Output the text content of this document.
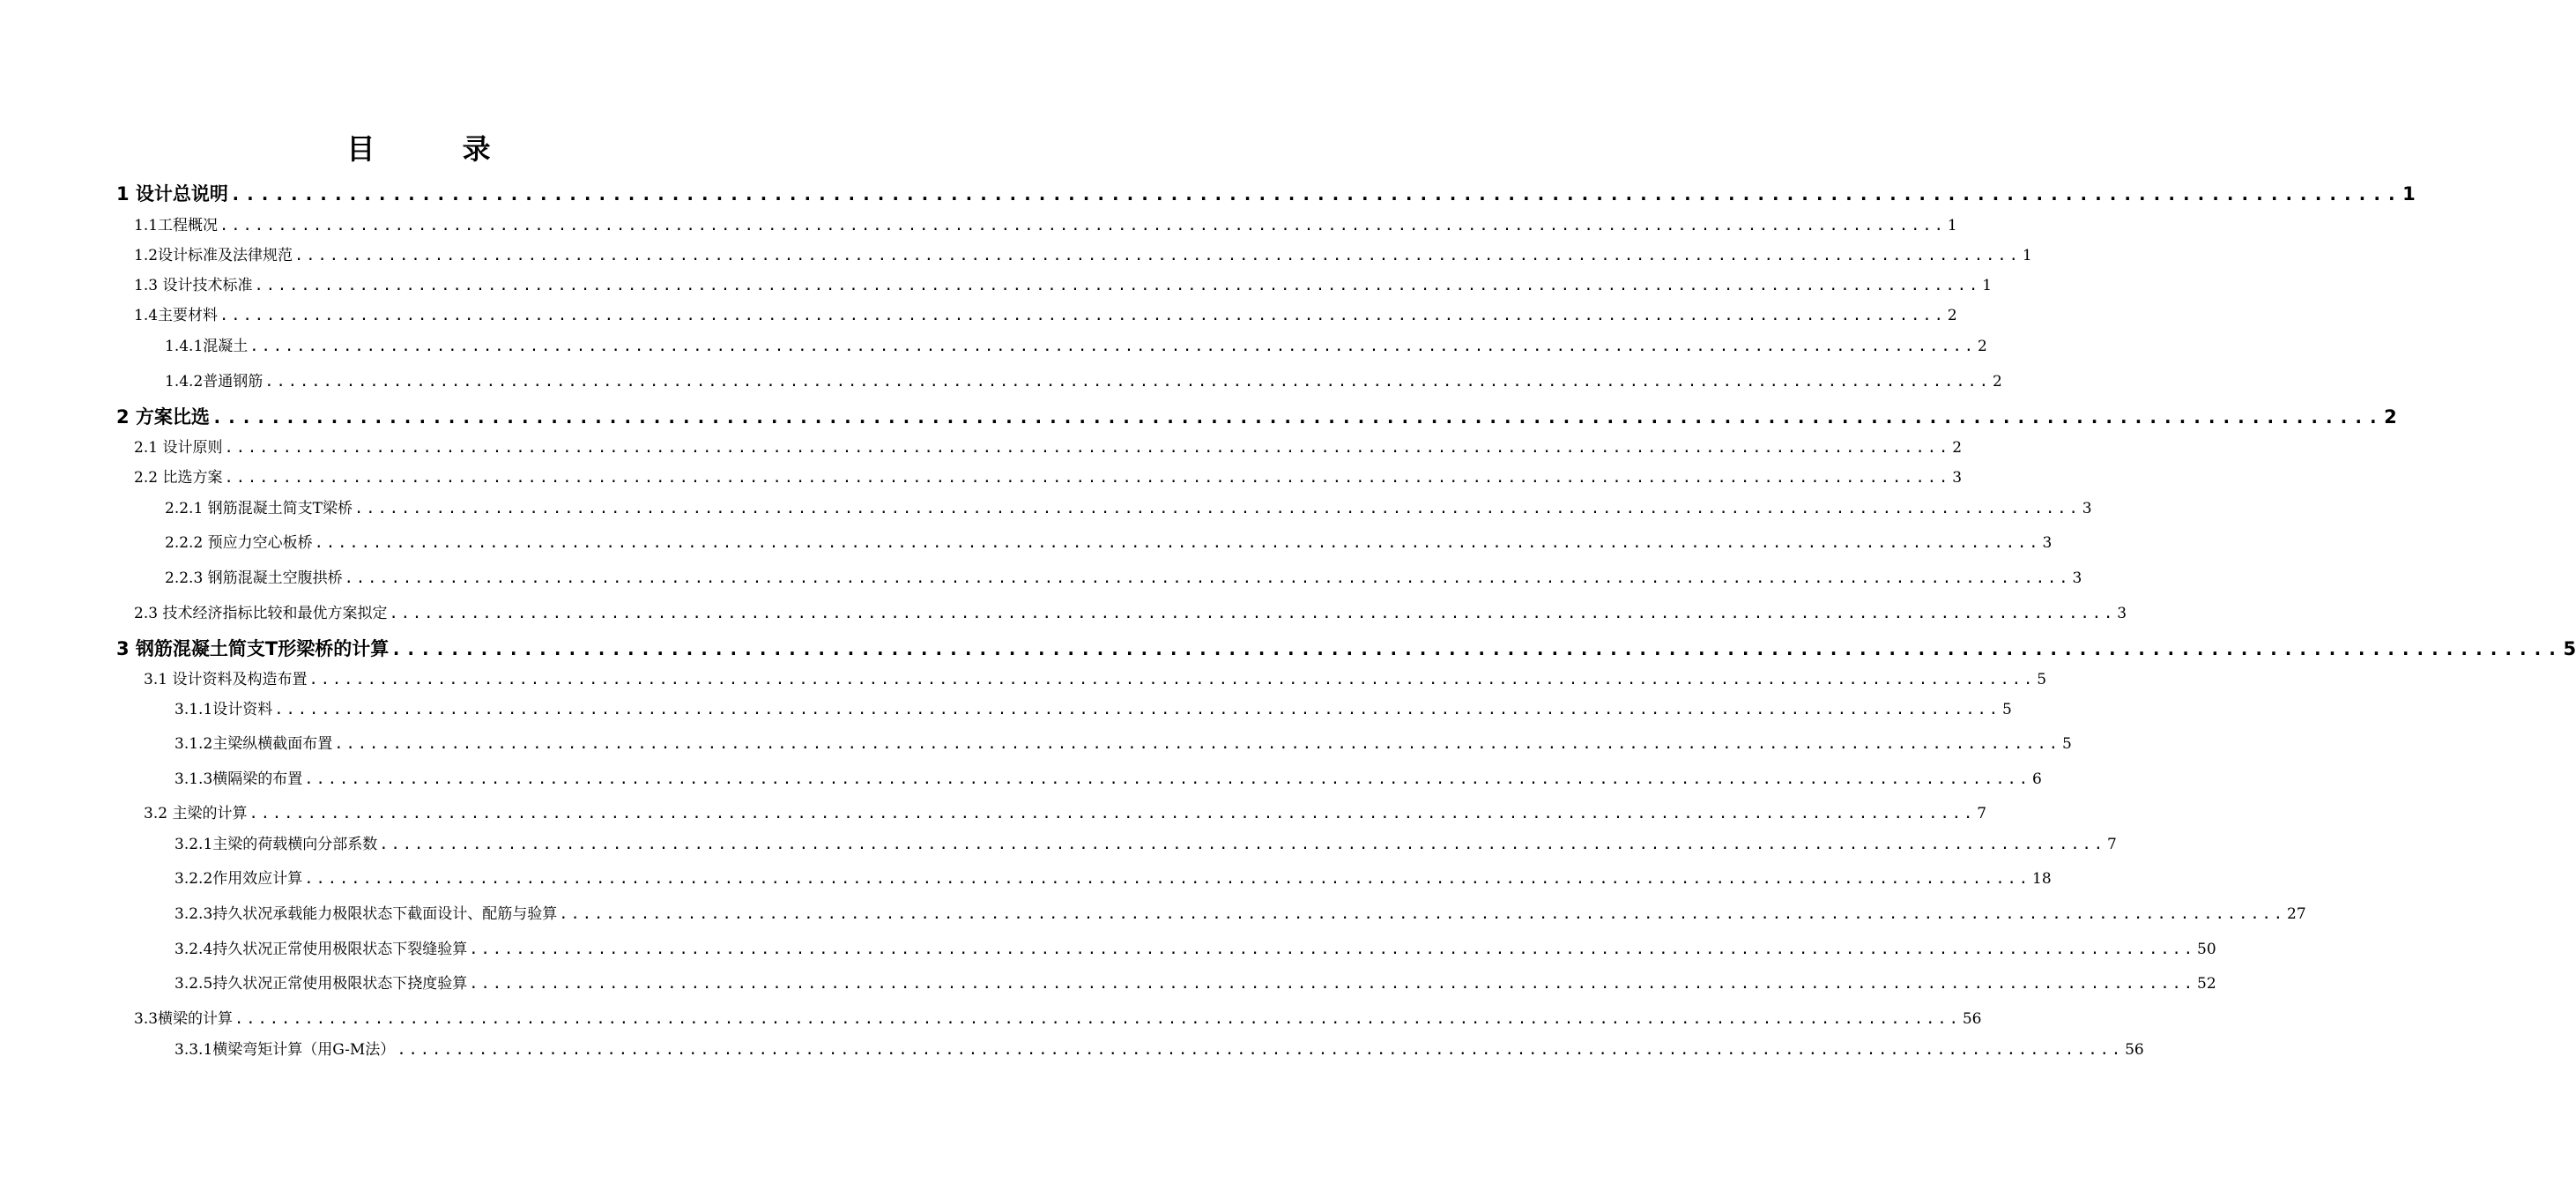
目 录
1 设计总说明 .................................................................................................................................................... 1
1.1工程概况 .................................................................................................................................................... 1
1.2设计标准及法律规范 .................................................................................................................................................... 1
1.3 设计技术标准 .................................................................................................................................................... 1
1.4主要材料 .................................................................................................................................................... 2
1.4.1混凝土 .................................................................................................................................................... 2
1.4.2普通钢筋 .................................................................................................................................................... 2
2 方案比选 .................................................................................................................................................... 2
2.1 设计原则 .................................................................................................................................................... 2
2.2 比选方案 .................................................................................................................................................... 3
2.2.1 钢筋混凝土简支T梁桥 .................................................................................................................................................... 3
2.2.2 预应力空心板桥 .................................................................................................................................................... 3
2.2.3 钢筋混凝土空腹拱桥 .................................................................................................................................................... 3
2.3 技术经济指标比较和最优方案拟定 .................................................................................................................................................... 3
3 钢筋混凝土简支T形梁桥的计算 .................................................................................................................................................... 5
3.1 设计资料及构造布置 .................................................................................................................................................... 5
3.1.1设计资料 .................................................................................................................................................... 5
3.1.2主梁纵横截面布置 .................................................................................................................................................... 5
3.1.3横隔梁的布置 .................................................................................................................................................... 6
3.2 主梁的计算 .................................................................................................................................................... 7
3.2.1主梁的荷载横向分部系数 .................................................................................................................................................... 7
3.2.2作用效应计算 .................................................................................................................................................... 18
3.2.3持久状况承载能力极限状态下截面设计、配筋与验算 .................................................................................................................................................... 27
3.2.4持久状况正常使用极限状态下裂缝验算 .................................................................................................................................................... 50
3.2.5持久状况正常使用极限状态下挠度验算 .................................................................................................................................................... 52
3.3横梁的计算 .................................................................................................................................................... 56
3.3.1横梁弯矩计算（用G-M法） .................................................................................................................................................... 56
